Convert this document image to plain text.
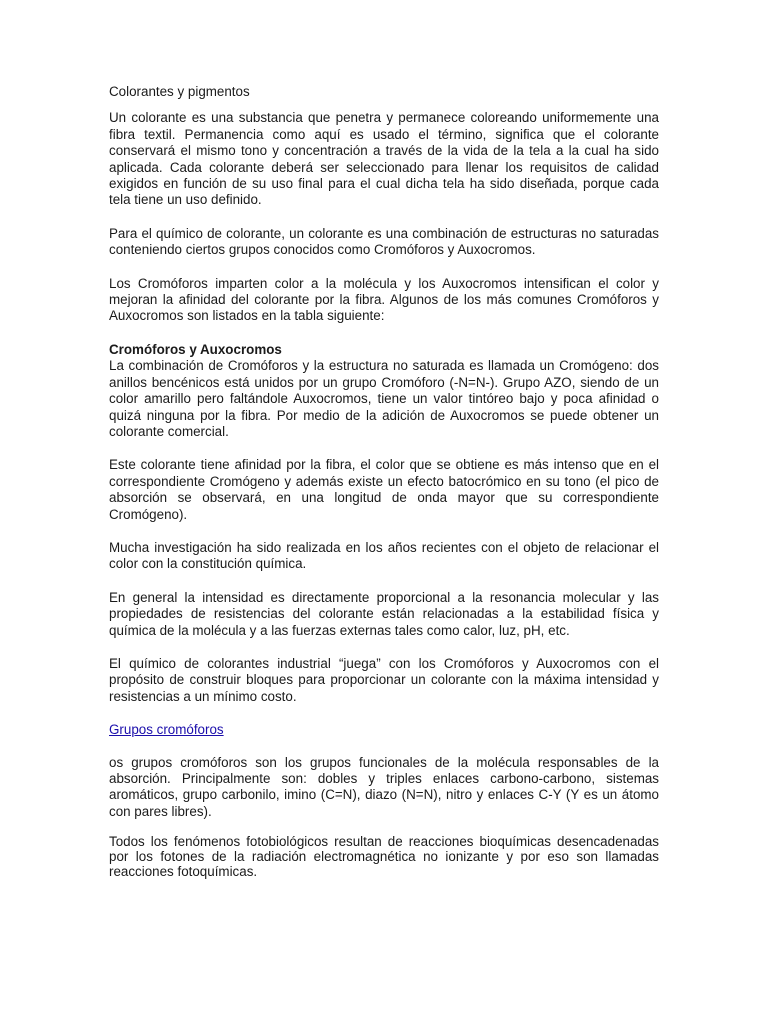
Colorantes y pigmentos

Un colorante es una substancia que penetra y permanece coloreando uniformemente una fibra textil. Permanencia como aquí es usado el término, significa que el colorante conservará el mismo tono y concentración a través de la vida de la tela a la cual ha sido aplicada. Cada colorante deberá ser seleccionado para llenar los requisitos de calidad exigidos en función de su uso final para el cual dicha tela ha sido diseñada, porque cada tela tiene un uso definido.

Para el químico de colorante, un colorante es una combinación de estructuras no saturadas conteniendo ciertos grupos conocidos como Cromóforos y Auxocromos.

Los Cromóforos imparten color a la molécula y los Auxocromos intensifican el color y mejoran la afinidad del colorante por la fibra. Algunos de los más comunes Cromóforos y Auxocromos son listados en la tabla siguiente:

Cromóforos y Auxocromos

La combinación de Cromóforos y la estructura no saturada es llamada un Cromógeno: dos anillos bencénicos está unidos por un grupo Cromóforo (-N=N-). Grupo AZO, siendo de un color amarillo pero faltándole Auxocromos, tiene un valor tintóreo bajo y poca afinidad o quizá ninguna por la fibra. Por medio de la adición de Auxocromos se puede obtener un colorante comercial.

Este colorante tiene afinidad por la fibra, el color que se obtiene es más intenso que en el correspondiente Cromógeno y además existe un efecto batocrómico en su tono (el pico de absorción se observará, en una longitud de onda mayor que su correspondiente Cromógeno).

Mucha investigación ha sido realizada en los años recientes con el objeto de relacionar el color con la constitución química.

En general la intensidad es directamente proporcional a la resonancia molecular y las propiedades de resistencias del colorante están relacionadas a la estabilidad física y química de la molécula y a las fuerzas externas tales como calor, luz, pH, etc.

El químico de colorantes industrial “juega” con los Cromóforos y Auxocromos con el propósito de construir bloques para proporcionar un colorante con la máxima intensidad y resistencias a un mínimo costo.

Grupos cromóforos

os grupos cromóforos son los grupos funcionales de la molécula responsables de la absorción. Principalmente son: dobles y triples enlaces carbono-carbono, sistemas aromáticos, grupo carbonilo, imino (C=N), diazo (N=N), nitro y enlaces C-Y (Y es un átomo con pares libres).

Todos los fenómenos fotobiológicos resultan de reacciones bioquímicas desencadenadas por los fotones de la radiación electromagnética no ionizante y por eso son llamadas reacciones fotoquímicas.
